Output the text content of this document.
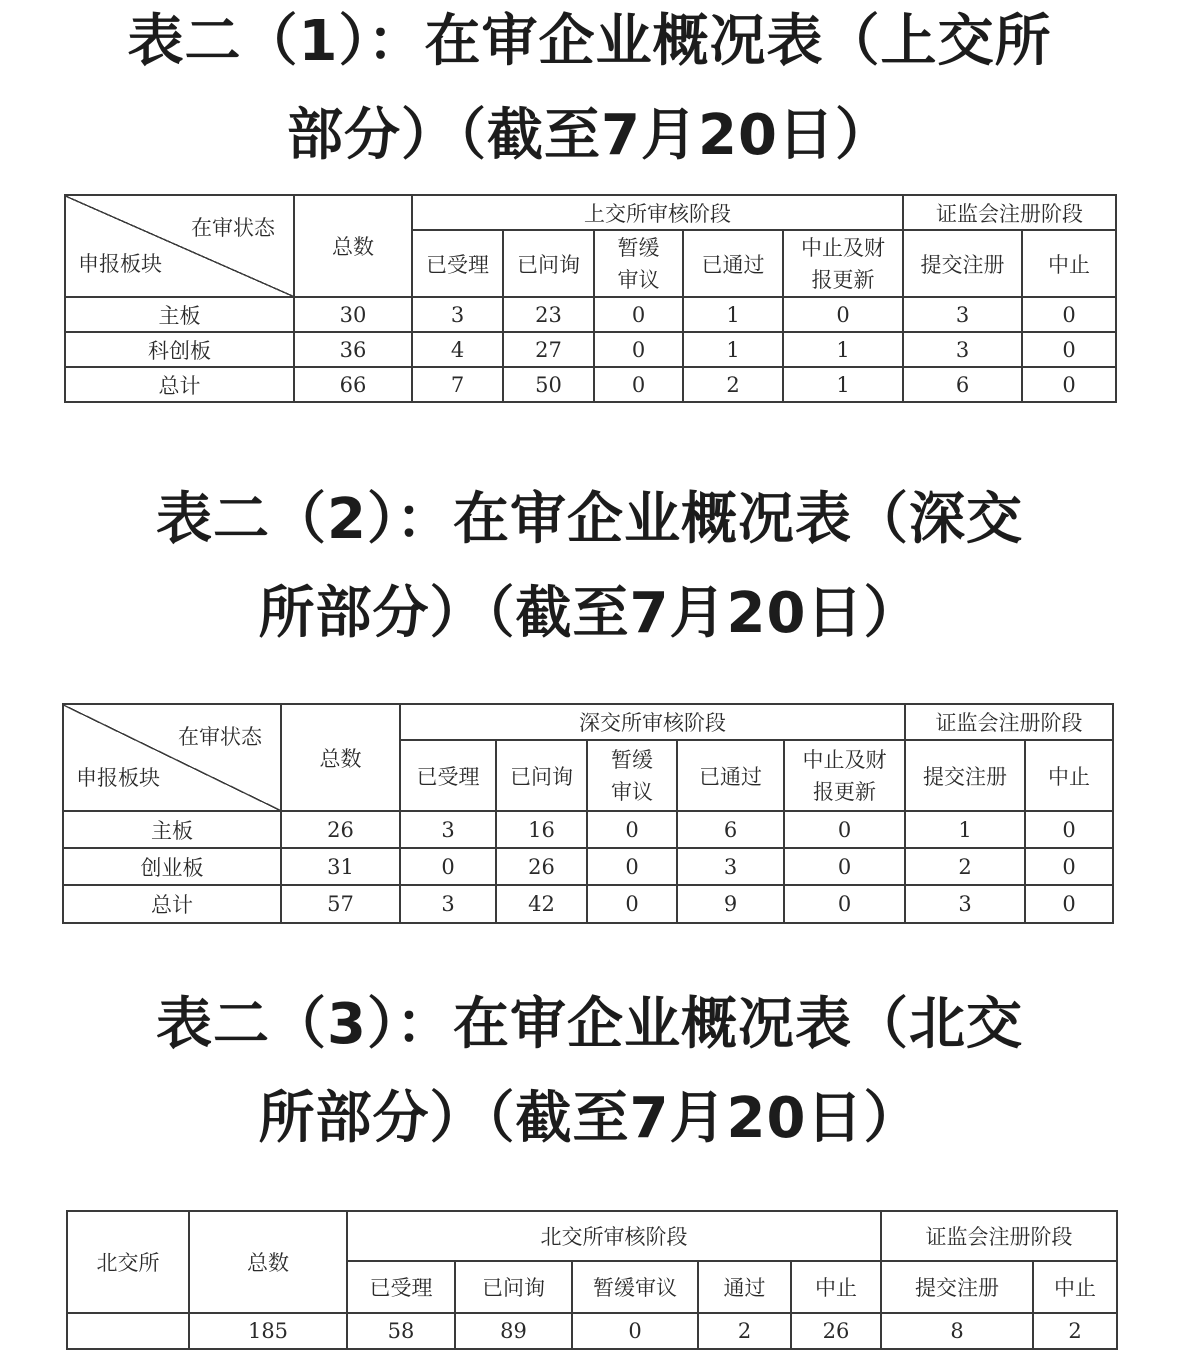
表二（1）：在审企业概况表（上交所
部分）（截至7月20日）
在审状态
申报板块	总数	上交所审核阶段					证监会注册阶段	
		已受理	已问询	暂缓审议	已通过	中止及财报更新	提交注册	中止
主板	30	3	23	0	1	0	3	0
科创板	36	4	27	0	1	1	3	0
总计	66	7	50	0	2	1	6	0
表二（2）：在审企业概况表（深交
所部分）（截至7月20日）
在审状态
申报板块	总数	深交所审核阶段					证监会注册阶段	
		已受理	已问询	暂缓审议	已通过	中止及财报更新	提交注册	中止
主板	26	3	16	0	6	0	1	0
创业板	31	0	26	0	3	0	2	0
总计	57	3	42	0	9	0	3	0
表二（3）：在审企业概况表（北交
所部分）（截至7月20日）
北交所	总数	北交所审核阶段					证监会注册阶段	
		已受理	已问询	暂缓审议	通过	中止	提交注册	中止
	185	58	89	0	2	26	8	2
